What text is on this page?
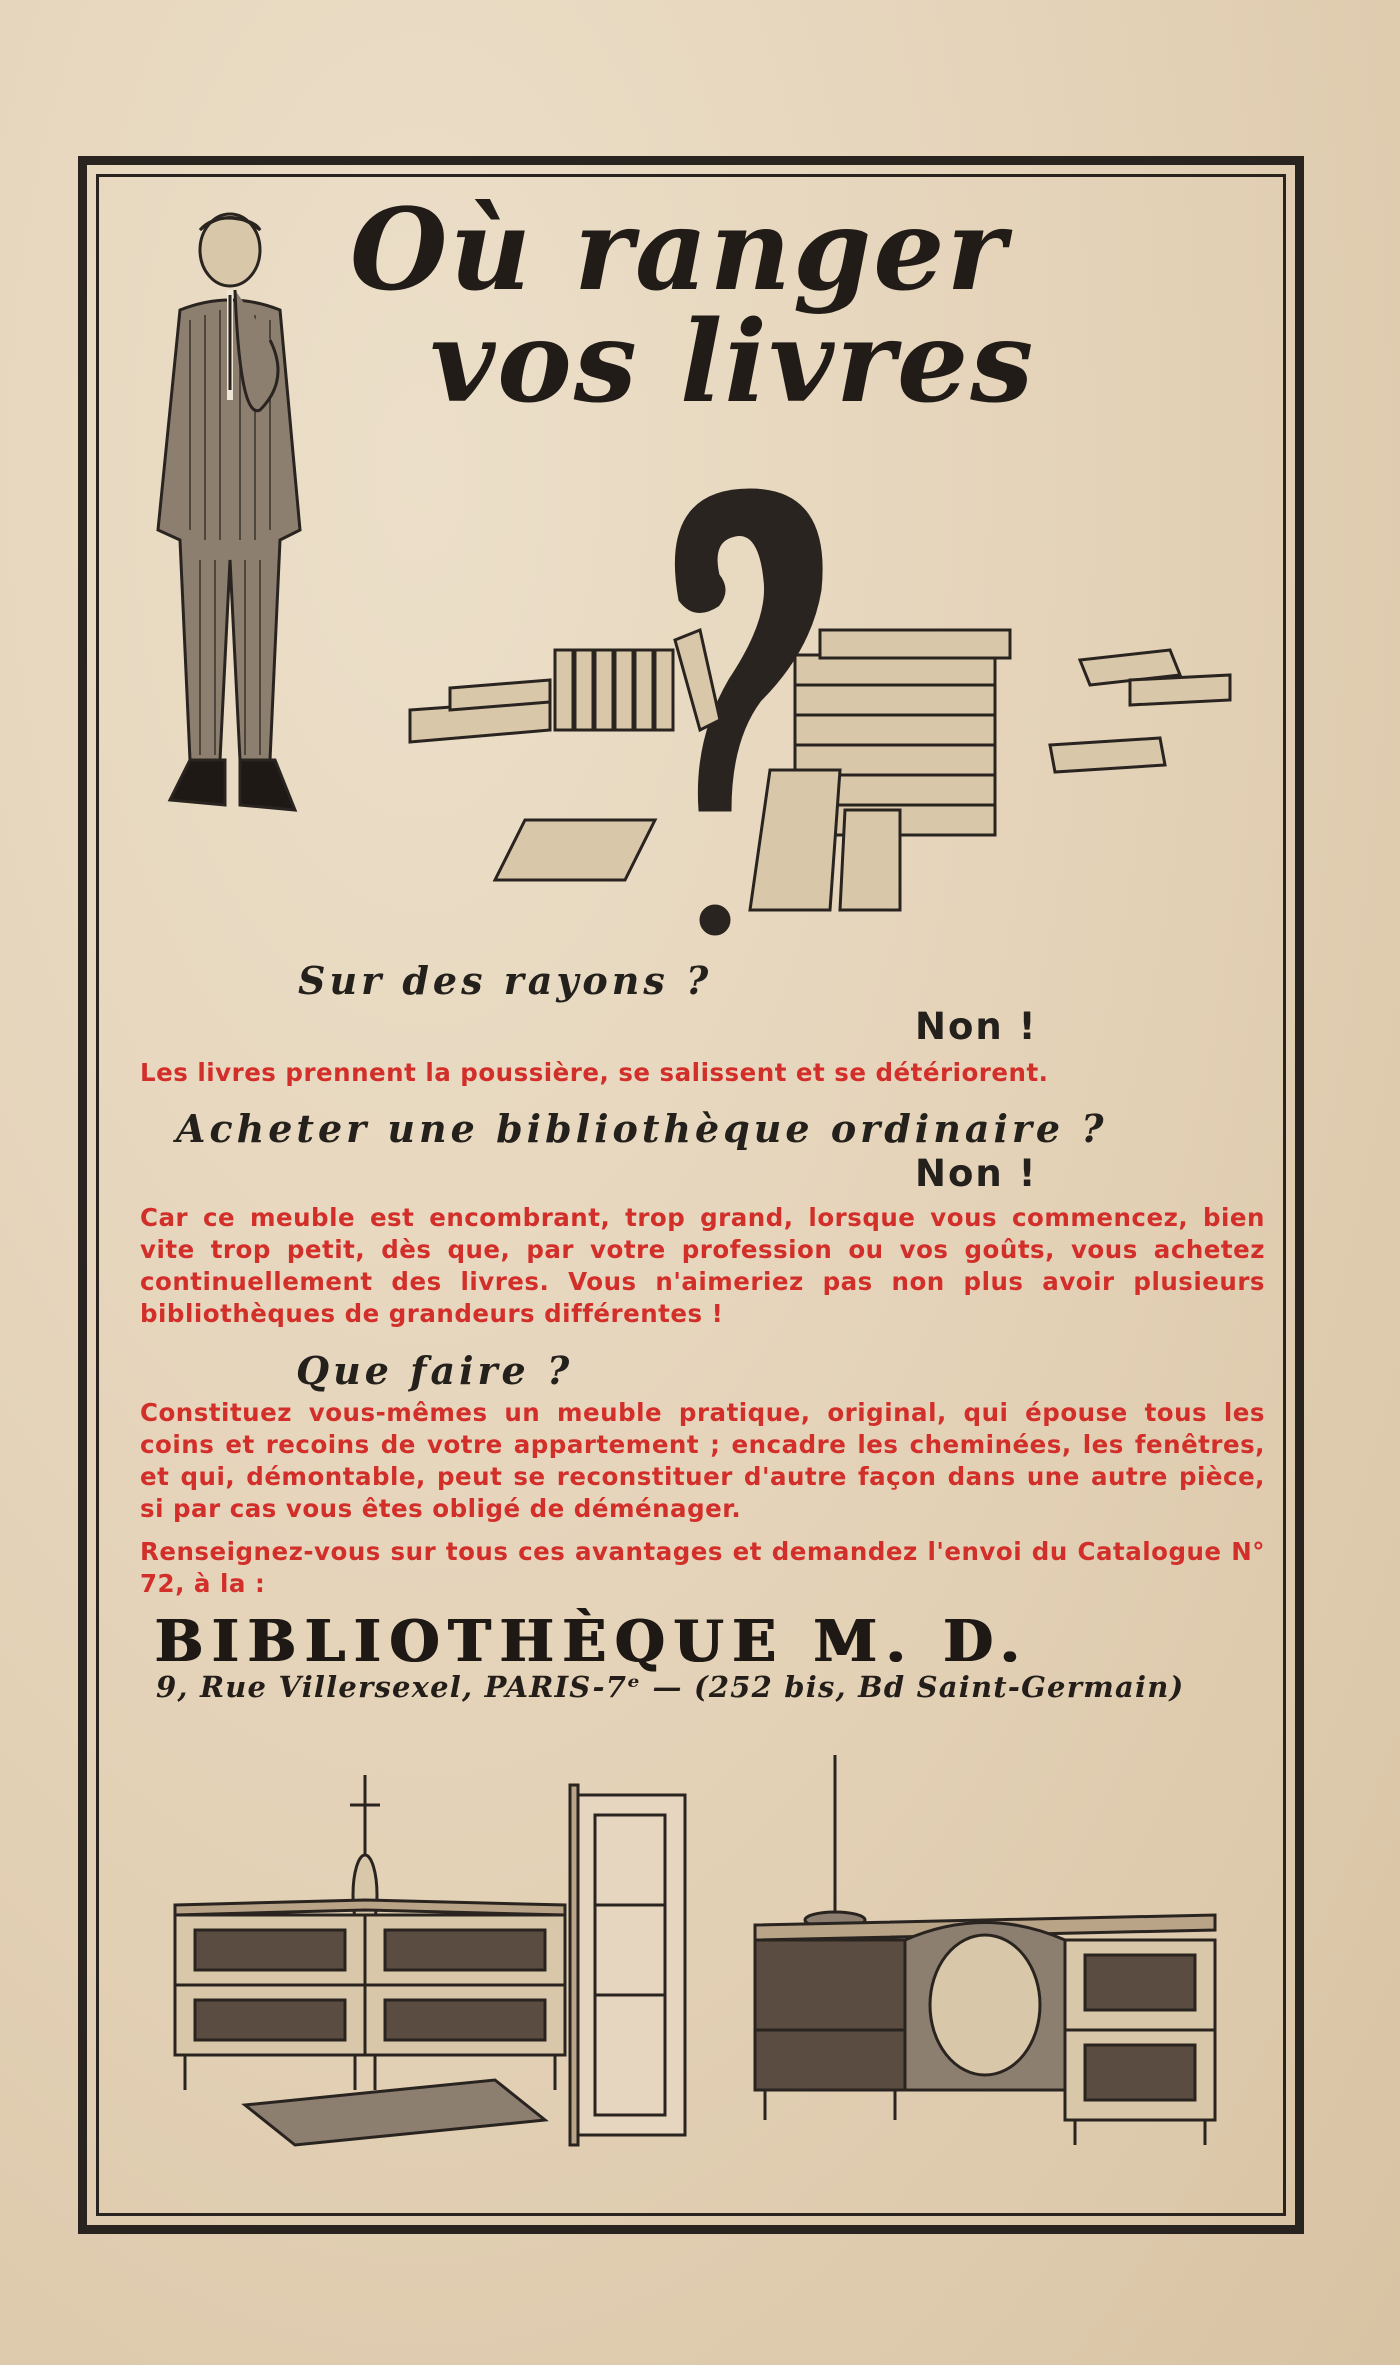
Où ranger
vos livres
Sur des rayons ?
Non !
Les livres prennent la poussière, se salissent et se détériorent.
Acheter une bibliothèque ordinaire ?
Non !
Car ce meuble est encombrant, trop grand, lorsque vous commencez, bien vite trop petit, dès que, par votre profession ou vos goûts, vous achetez continuellement des livres. Vous n'aimeriez pas non plus avoir plusieurs bibliothèques de grandeurs différentes !
Que faire ?
Constituez vous-mêmes un meuble pratique, original, qui épouse tous les coins et recoins de votre appartement ; encadre les cheminées, les fenêtres, et qui, démontable, peut se reconstituer d'autre façon dans une autre pièce, si par cas vous êtes obligé de déménager.
Renseignez-vous sur tous ces avantages et demandez l'envoi du Catalogue N° 72, à la :
BIBLIOTHÈQUE M. D.
9, Rue Villersexel, PARIS-7ᵉ — (252 bis, Bd Saint-Germain)
